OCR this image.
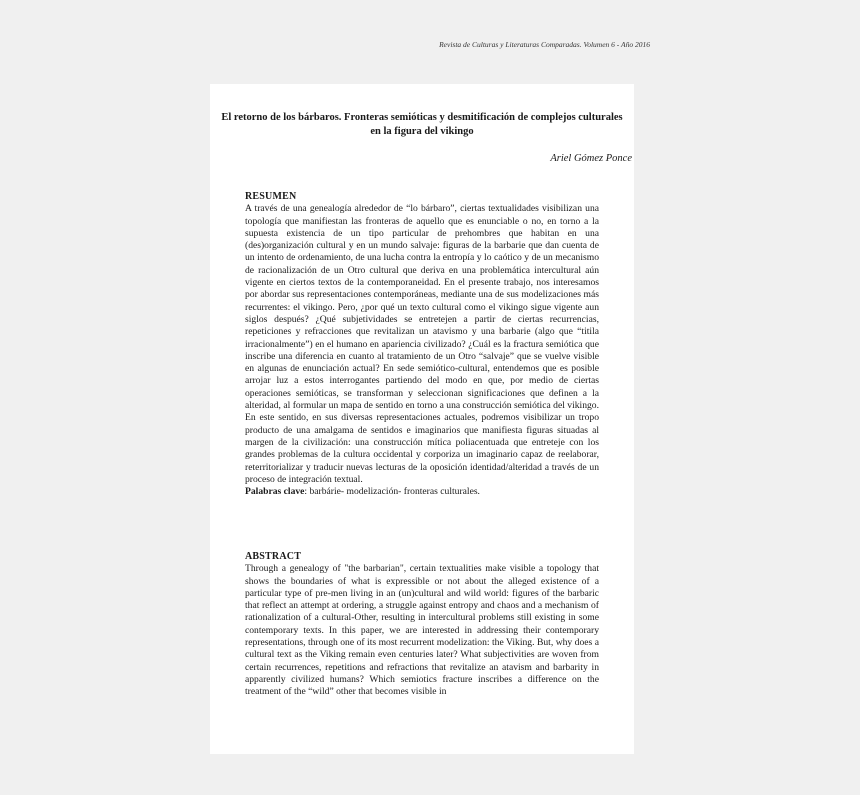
Revista de Culturas y Literaturas Comparadas. Volumen 6 - Año 2016
El retorno de los bárbaros. Fronteras semióticas y desmitificación de complejos culturales en la figura del vikingo
Ariel Gómez Ponce
RESUMEN

A través de una genealogía alrededor de “lo bárbaro”, ciertas textualidades visibilizan una topología que manifiestan las fronteras de aquello que es enunciable o no, en torno a la supuesta existencia de un tipo particular de prehombres que habitan en una (des)organización cultural y en un mundo salvaje: figuras de la barbarie que dan cuenta de un intento de ordenamiento, de una lucha contra la entropía y lo caótico y de un mecanismo de racionalización de un Otro cultural que deriva en una problemática intercultural aún vigente en ciertos textos de la contemporaneidad. En el presente trabajo, nos interesamos por abordar sus representaciones contemporáneas, mediante una de sus modelizaciones más recurrentes: el vikingo. Pero, ¿por qué un texto cultural como el vikingo sigue vigente aun siglos después? ¿Qué subjetividades se entretejen a partir de ciertas recurrencias, repeticiones y refracciones que revitalizan un atavismo y una barbarie (algo que “titila irracionalmente”) en el humano en apariencia civilizado? ¿Cuál es la fractura semiótica que inscribe una diferencia en cuanto al tratamiento de un Otro “salvaje” que se vuelve visible en algunas de enunciación actual? En sede semiótico-cultural, entendemos que es posible arrojar luz a estos interrogantes partiendo del modo en que, por medio de ciertas operaciones semióticas, se transforman y seleccionan significaciones que definen a la alteridad, al formular un mapa de sentido en torno a una construcción semiótica del vikingo. En este sentido, en sus diversas representaciones actuales, podremos visibilizar un tropo producto de una amalgama de sentidos e imaginarios que manifiesta figuras situadas al margen de la civilización: una construcción mítica poliacentuada que entreteje con los grandes problemas de la cultura occidental y corporiza un imaginario capaz de reelaborar, reterritorializar y traducir nuevas lecturas de la oposición identidad/alteridad a través de un proceso de integración textual.

Palabras clave: barbárie- modelización- fronteras culturales.
ABSTRACT

Through a genealogy of "the barbarian", certain textualities make visible a topology that shows the boundaries of what is expressible or not about the alleged existence of a particular type of pre-men living in an (un)cultural and wild world: figures of the barbaric that reflect an attempt at ordering, a struggle against entropy and chaos and a mechanism of rationalization of a cultural-Other, resulting in intercultural problems still existing in some contemporary texts. In this paper, we are interested in addressing their contemporary representations, through one of its most recurrent modelization: the Viking. But, why does a cultural text as the Viking remain even centuries later? What subjectivities are woven from certain recurrences, repetitions and refractions that revitalize an atavism and barbarity in apparently civilized humans? Which semiotics fracture inscribes a difference on the treatment of the “wild” other that becomes visible in
